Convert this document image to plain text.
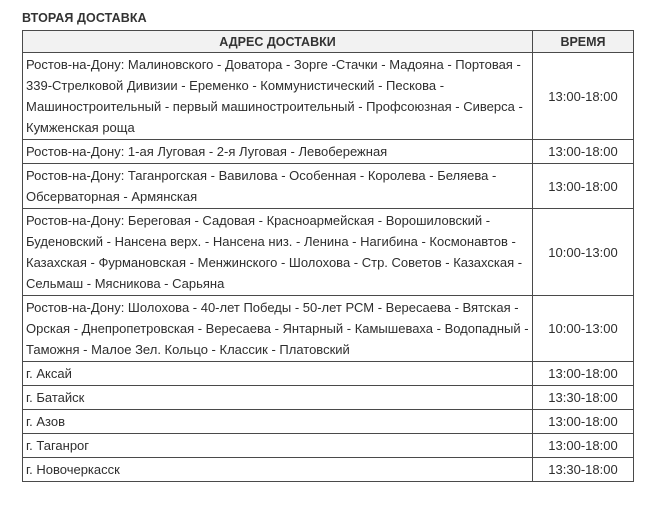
ВТОРАЯ ДОСТАВКА
АДРЕС ДОСТАВКИ	ВРЕМЯ
Ростов-на-Дону: Малиновского - Доватора - Зорге -Стачки - Мадояна - Портовая - 339-Стрелковой Дивизии - Еременко - Коммунистический - Пескова - Машиностроительный - первый машиностроительный - Профсоюзная - Сиверса - Кумженская роща	13:00-18:00
Ростов-на-Дону: 1-ая Луговая - 2-я Луговая - Левобережная	13:00-18:00
Ростов-на-Дону: Таганрогская - Вавилова - Особенная - Королева - Беляева - Обсерваторная - Армянская	13:00-18:00
Ростов-на-Дону: Береговая - Садовая - Красноармейская - Ворошиловский - Буденовский - Нансена верх. - Нансена низ. - Ленина - Нагибина - Космонавтов - Казахская - Фурмановская - Менжинского - Шолохова - Стр. Советов - Казахская - Сельмаш - Мясникова - Сарьяна	10:00-13:00
Ростов-на-Дону: Шолохова - 40-лет Победы - 50-лет РСМ - Вересаева - Вятская - Орская - Днепропетровская - Вересаева - Янтарный - Камышеваха - Водопадный - Таможня - Малое Зел. Кольцо - Классик - Платовский	10:00-13:00
г. Аксай	13:00-18:00
г. Батайск	13:30-18:00
г. Азов	13:00-18:00
г. Таганрог	13:00-18:00
г. Новочеркасск	13:30-18:00
